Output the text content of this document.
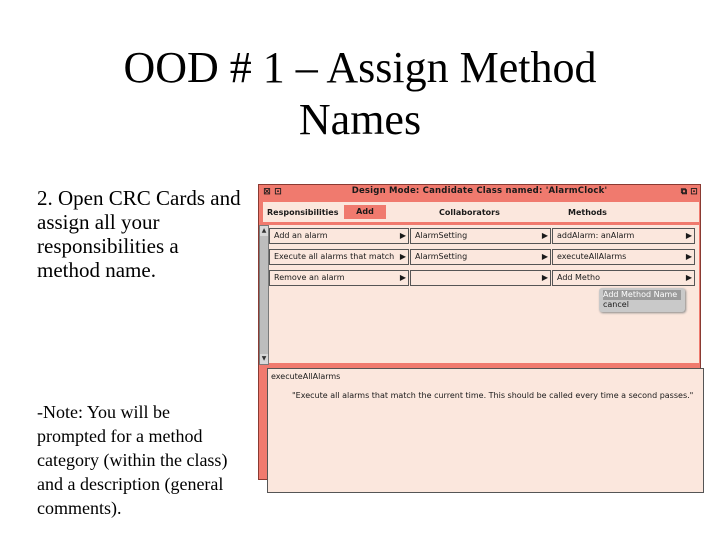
OOD # 1 – Assign Method
Names
2. Open CRC Cards and assign all your responsibilities a method name.
-Note: You will be prompted for a method category (within the class) and a description (general comments).
⊠ ⊡	Design Mode: Candidate Class named: 'AlarmClock'	⧉ ⊡
Responsibilities	Add	Collaborators	Methods
▲
▼
Add an alarm	▶	AlarmSetting	▶	addAlarm: anAlarm	▶
Execute all alarms that match ▶	AlarmSetting	▶	executeAllAlarms	▶
Remove an alarm	▶	▶	Add Metho	▶
Add Method Name
cancel
executeAllAlarms
"Execute all alarms that match the current time. This should be called every time a second passes."
